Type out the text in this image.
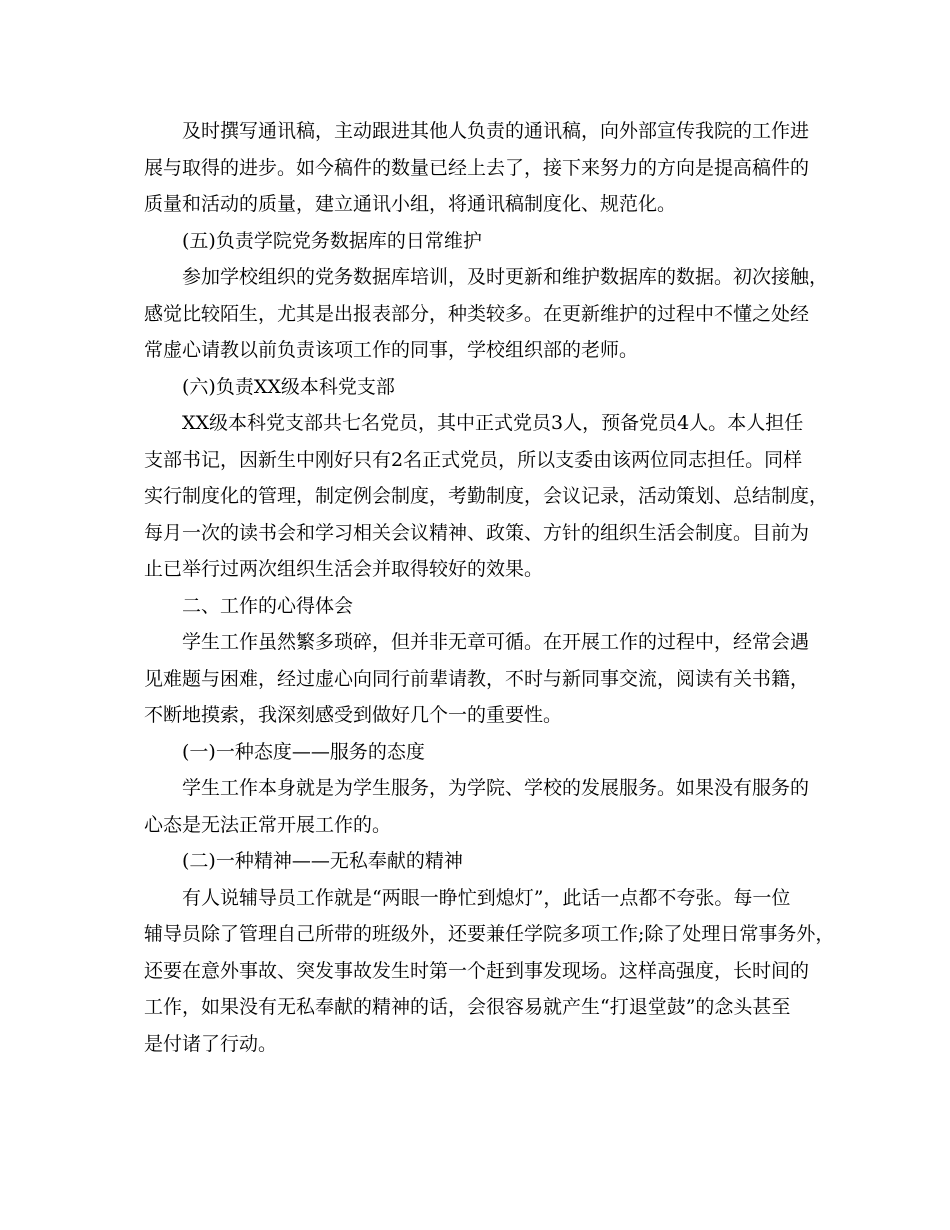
及时撰写通讯稿，主动跟进其他人负责的通讯稿，向外部宣传我院的工作进
展与取得的进步。如今稿件的数量已经上去了，接下来努力的方向是提高稿件的
质量和活动的质量，建立通讯小组，将通讯稿制度化、规范化。
(五)负责学院党务数据库的日常维护
参加学校组织的党务数据库培训，及时更新和维护数据库的数据。初次接触，
感觉比较陌生，尤其是出报表部分，种类较多。在更新维护的过程中不懂之处经
常虚心请教以前负责该项工作的同事，学校组织部的老师。
(六)负责XX级本科党支部
XX级本科党支部共七名党员，其中正式党员3人，预备党员4人。本人担任
支部书记，因新生中刚好只有2名正式党员，所以支委由该两位同志担任。同样
实行制度化的管理，制定例会制度，考勤制度，会议记录，活动策划、总结制度，
每月一次的读书会和学习相关会议精神、政策、方针的组织生活会制度。目前为
止已举行过两次组织生活会并取得较好的效果。
二、工作的心得体会
学生工作虽然繁多琐碎，但并非无章可循。在开展工作的过程中，经常会遇
见难题与困难，经过虚心向同行前辈请教，不时与新同事交流，阅读有关书籍，
不断地摸索，我深刻感受到做好几个一的重要性。
(一)一种态度——服务的态度
学生工作本身就是为学生服务，为学院、学校的发展服务。如果没有服务的
心态是无法正常开展工作的。
(二)一种精神——无私奉献的精神
有人说辅导员工作就是“两眼一睁忙到熄灯”，此话一点都不夸张。每一位
辅导员除了管理自己所带的班级外，还要兼任学院多项工作;除了处理日常事务外，
还要在意外事故、突发事故发生时第一个赶到事发现场。这样高强度，长时间的
工作，如果没有无私奉献的精神的话，会很容易就产生“打退堂鼓”的念头甚至
是付诸了行动。
